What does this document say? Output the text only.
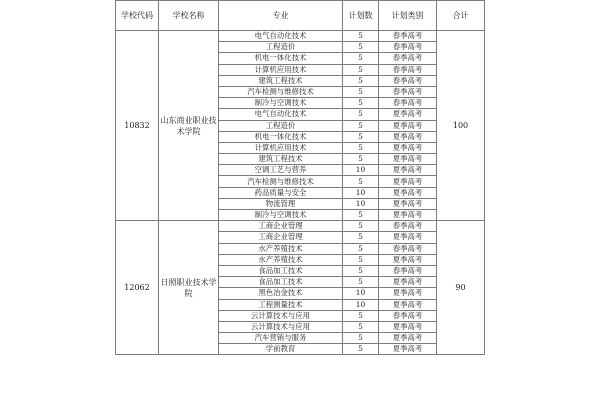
学校代码	学校名称	专业	计划数	计划类别	合计
10832	山东商业职业技术学院	电气自动化技术	5	春季高考	100
		工程造价	5	春季高考	
		机电一体化技术	5	春季高考	
		计算机应用技术	5	春季高考	
		建筑工程技术	5	春季高考	
		汽车检测与维修技术	5	春季高考	
		制冷与空调技术	5	春季高考	
		电气自动化技术	5	夏季高考	
		工程造价	5	夏季高考	
		机电一体化技术	5	夏季高考	
		计算机应用技术	5	夏季高考	
		建筑工程技术	5	夏季高考	
		空调工艺与营养	10	夏季高考	
		汽车检测与维修技术	5	夏季高考	
		药品质量与安全	10	夏季高考	
		物流管理	10	夏季高考	
		制冷与空调技术	5	夏季高考	
12062	日照职业技术学院	工商企业管理	5	春季高考	90
		工商企业管理	5	夏季高考	
		水产养殖技术	5	春季高考	
		水产养殖技术	5	夏季高考	
		食品加工技术	5	春季高考	
		食品加工技术	5	夏季高考	
		黑色冶金技术	10	夏季高考	
		工程测量技术	10	夏季高考	
		云计算技术与应用	5	春季高考	
		云计算技术与应用	5	夏季高考	
		汽车营销与服务	5	夏季高考	
		学前教育	5	夏季高考	
